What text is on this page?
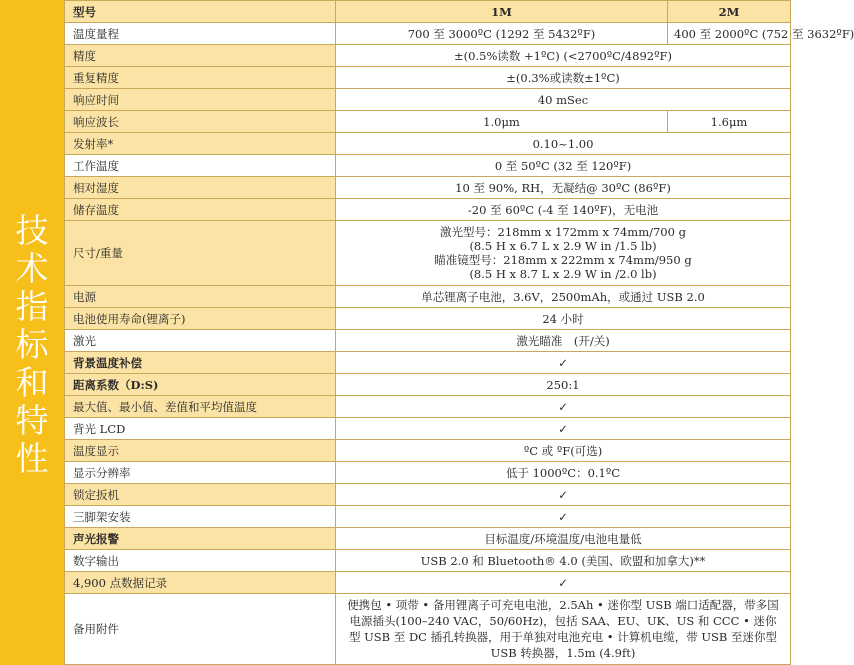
技
术
指
标
和
特
性
型号	1M	2M
温度量程	700 至 3000ºC (1292 至 5432ºF)	400 至 2000ºC (752 至 3632ºF)
精度	±(0.5%读数 +1ºC) (<2700ºC/4892ºF)	
重复精度	±(0.3%或读数±1ºC)	
响应时间	40 mSec	
响应波长	1.0μm	1.6μm
发射率*	0.10~1.00	
工作温度	0 至 50ºC (32 至 120ºF)	
相对湿度	10 至 90%, RH，无凝结@ 30ºC (86ºF)	
储存温度	-20 至 60ºC (-4 至 140ºF)，无电池	
尺寸/重量	激光型号：218mm x 172mm x 74mm/700 g
(8.5 H x 6.7 L x 2.9 W in /1.5 lb)
瞄准镜型号：218mm x 222mm x 74mm/950 g
(8.5 H x 8.7 L x 2.9 W in /2.0 lb)	

电源	单芯锂离子电池，3.6V，2500mAh，或通过 USB 2.0	
电池使用寿命(锂离子)	24 小时	
激光	激光瞄准　(开/关)	
背景温度补偿	✓	
距离系数（D:S)	250:1	
最大值、最小值、差值和平均值温度	✓	
背光 LCD	✓	
温度显示	ºC 或 ºF(可选)	
显示分辨率	低于 1000ºC：0.1ºC	
锁定扳机	✓	
三脚架安装	✓	
声光报警	目标温度/环境温度/电池电量低	
数字输出	USB 2.0 和 Bluetooth® 4.0 (美国、欧盟和加拿大)**	
4,900 点数据记录	✓	
备用附件	便携包 • 项带 • 备用锂离子可充电电池，2.5Ah • 迷你型 USB 端口适配器，带多国电源插头(100–240 VAC，50/60Hz)，包括 SAA、EU、UK、US 和 CCC • 迷你型 USB 至 DC 插孔转换器，用于单独对电池充电 • 计算机电缆，带 USB 至迷你型 USB 转换器，1.5m (4.9ft)	
